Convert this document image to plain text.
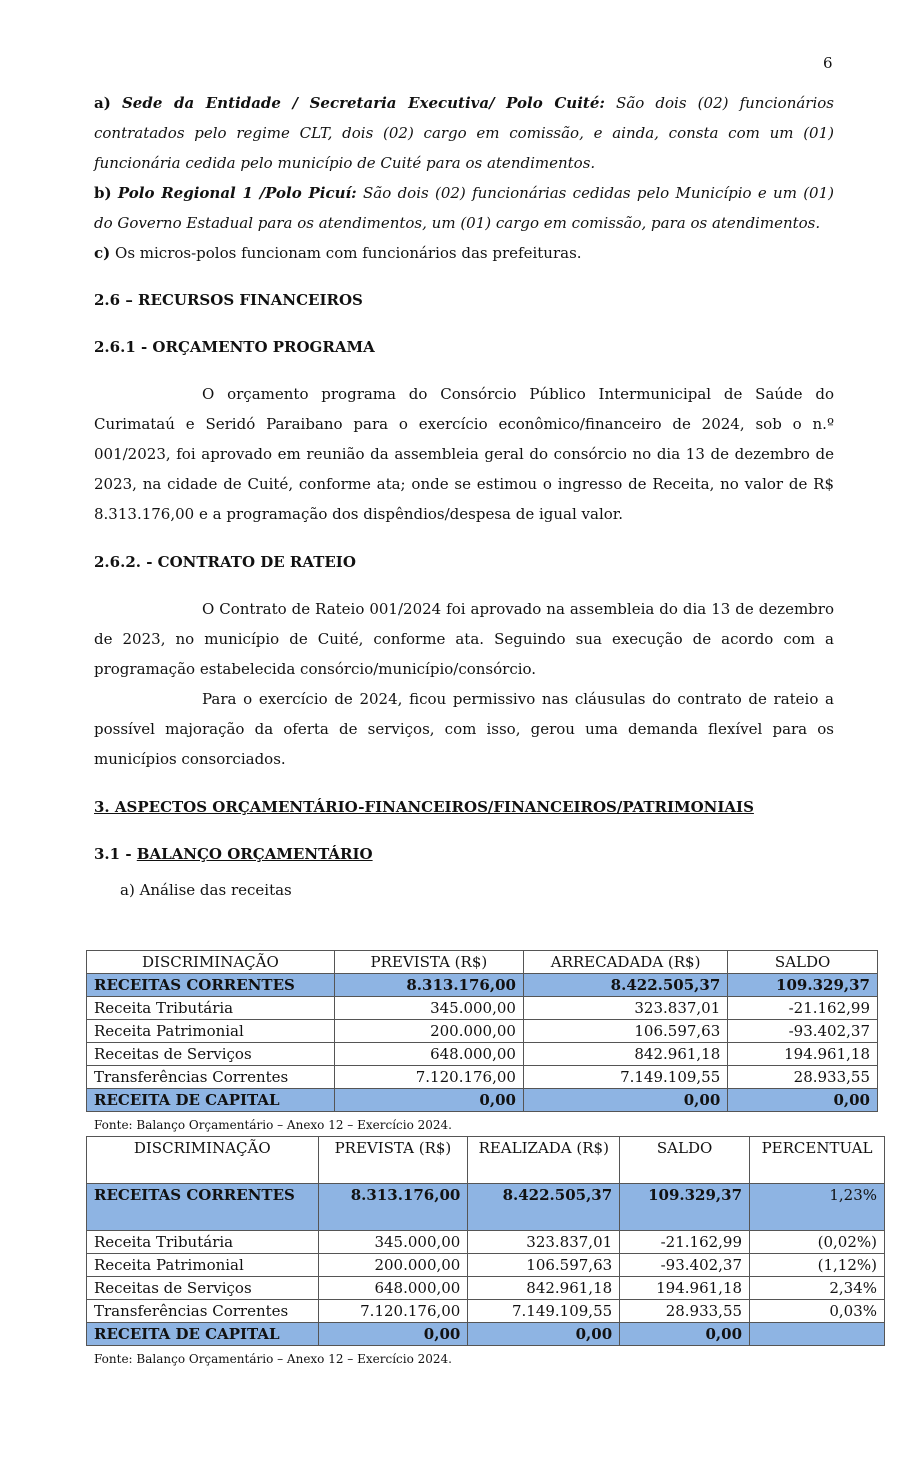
6

a) Sede da Entidade / Secretaria Executiva/ Polo Cuité: São dois (02) funcionários contratados pelo regime CLT, dois (02) cargo em comissão, e ainda, consta com um (01) funcionária cedida pelo município de Cuité para os atendimentos.

b) Polo Regional 1 /Polo Picuí: São dois (02) funcionárias cedidas pelo Município e um (01) do Governo Estadual para os atendimentos, um (01) cargo em comissão, para os atendimentos.

c) Os micros-polos funcionam com funcionários das prefeituras.

2.6 – RECURSOS FINANCEIROS
2.6.1 - ORÇAMENTO PROGRAMA

O orçamento programa do Consórcio Público Intermunicipal de Saúde do Curimataú e Seridó Paraibano para o exercício econômico/financeiro de 2024, sob o n.º 001/2023, foi aprovado em reunião da assembleia geral do consórcio no dia 13 de dezembro de 2023, na cidade de Cuité, conforme ata; onde se estimou o ingresso de Receita, no valor de R$ 8.313.176,00 e a programação dos dispêndios/despesa de igual valor.

2.6.2. - CONTRATO DE RATEIO

O Contrato de Rateio 001/2024 foi aprovado na assembleia do dia 13 de dezembro de 2023, no município de Cuité, conforme ata. Seguindo sua execução de acordo com a programação estabelecida consórcio/município/consórcio.

Para o exercício de 2024, ficou permissivo nas cláusulas do contrato de rateio a possível majoração da oferta de serviços, com isso, gerou uma demanda flexível para os municípios consorciados.

3. ASPECTOS ORÇAMENTÁRIO-FINANCEIROS/FINANCEIROS/PATRIMONIAIS
3.1 - BALANÇO ORÇAMENTÁRIO
a) Análise das receitas
DISCRIMINAÇÃO	PREVISTA (R$)	ARRECADADA (R$)	SALDO
RECEITAS CORRENTES	8.313.176,00	8.422.505,37	109.329,37
Receita Tributária	345.000,00	323.837,01	-21.162,99
Receita Patrimonial	200.000,00	106.597,63	-93.402,37
Receitas de Serviços	648.000,00	842.961,18	194.961,18
Transferências Correntes	7.120.176,00	7.149.109,55	28.933,55
RECEITA DE CAPITAL	0,00	0,00	0,00
Fonte: Balanço Orçamentário – Anexo 12 – Exercício 2024.
DISCRIMINAÇÃO	PREVISTA (R$)	REALIZADA (R$)	SALDO	PERCENTUAL
RECEITAS CORRENTES	8.313.176,00	8.422.505,37	109.329,37	1,23%
Receita Tributária	345.000,00	323.837,01	-21.162,99	(0,02%)
Receita Patrimonial	200.000,00	106.597,63	-93.402,37	(1,12%)
Receitas de Serviços	648.000,00	842.961,18	194.961,18	2,34%
Transferências Correntes	7.120.176,00	7.149.109,55	28.933,55	0,03%
RECEITA DE CAPITAL	0,00	0,00	0,00	
Fonte: Balanço Orçamentário – Anexo 12 – Exercício 2024.
